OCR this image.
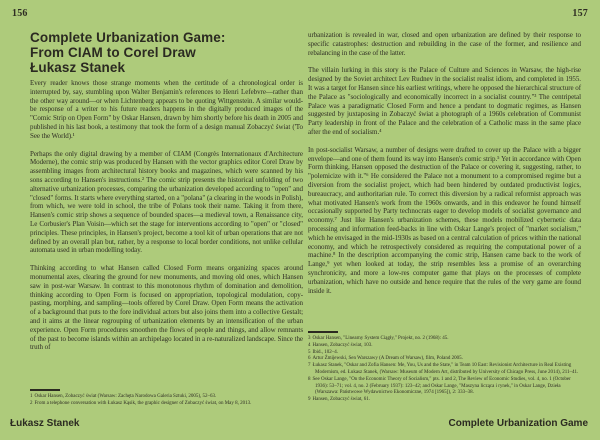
156	157
Complete Urbanization Game:
From CIAM to Corel Draw
Łukasz Stanek

Every reader knows those strange moments when the certitude of a chronological order is interrupted by, say, stumbling upon Walter Benjamin's references to Henri Lefebvre—rather than the other way around—or when Lichtenberg appears to be quoting Wittgenstein. A similar would-be response of a writer to his future readers happens in the digitally produced images of the "Comic Strip on Open Form" by Oskar Hansen, drawn by him shortly before his death in 2005 and published in his last book, a testimony that took the form of a design manual Zobaczyć świat ('To See the World).¹

Perhaps the only digital drawing by a member of CIAM (Congrès Internationaux d'Architecture Moderne), the comic strip was produced by Hansen with the vector graphics editor Corel Draw by assembling images from architectural history books and magazines, which were scanned by his sons according to Hansen's instructions.² The comic strip presents the historical unfolding of two alternative urbanization processes, comparing the urbanization developed according to "open" and "closed" forms. It starts where everything started, on a "polana" (a clearing in the woods in Polish), from which, we were told in school, the tribe of Polans took their name. Taking it from there, Hansen's comic strip shows a sequence of bounded spaces—a medieval town, a Renaissance city, Le Corbusier's Plan Voisin—which set the stage for interventions according to "open" or "closed" principles. These principles, in Hansen's project, become a tool kit of urban operations that are not defined by an overall plan but, rather, by a response to local border conditions, not unlike cellular automata used in urban modelling today.

Thinking according to what Hansen called Closed Form means organizing spaces around monumental axes, clearing the ground for new monuments, and moving old ones, which Hansen saw in post-war Warsaw. In contrast to this monotonous rhythm of domination and demolition, thinking according to Open Form is focused on appropriation, topological modulation, copy-pasting, morphing, and sampling—tools offered by Corel Draw. Open Form means the activation of a background that puts to the fore individual actors but also joins them into a collective Gestalt; and it aims at the linear regrouping of urbanization elements by an intensification of the urban experience. Open Form procedures smoothen the flows of people and things, and allow remnants of the past to become islands within an archipelago located in a re-naturalized landscape. Since the truth of

1 Oskar Hansen, Zobaczyć świat (Warsaw: Zachęta Narodowa Galeria Sztuki, 2005), 52–63.
2 From a telephone conversation with Łukasz Kąsik, the graphic designer of Zobaczyć świat, on May 8, 2013.

urbanization is revealed in war, closed and open urbanization are defined by their response to specific catastrophes: destruction and rebuilding in the case of the former, and resilience and rebalancing in the case of the latter.

The villain lurking in this story is the Palace of Culture and Sciences in Warsaw, the high-rise designed by the Soviet architect Lev Rudnev in the socialist realist idiom, and completed in 1955. It was a target for Hansen since his earliest writings, where he opposed the hierarchical structure of the Palace as "sociologically and economically incorrect in a socialist country."³ The centripetal Palace was a paradigmatic Closed Form and hence a pendant to dogmatic regimes, as Hansen suggested by juxtaposing in Zobaczyć świat a photograph of a 1960s celebration of Communist Party leadership in front of the Palace and the celebration of a Catholic mass in the same place after the end of socialism.⁴

In post-socialist Warsaw, a number of designs were drafted to cover up the Palace with a bigger envelope—and one of them found its way into Hansen's comic strip.⁵ Yet in accordance with Open Form thinking, Hansen opposed the destruction of the Palace or covering it, suggesting, rather, to "polemicize with it."⁶ He considered the Palace not a monument to a compromised regime but a diversion from the socialist project, which had been hindered by outdated productivist logics, bureaucracy, and authoritarian rule. To correct this diversion by a radical reformist approach was what motivated Hansen's work from the 1960s onwards, and in this endeavor he found himself occasionally supported by Party technocrats eager to develop models of socialist governance and economy.⁷ Just like Hansen's urbanization schemes, these models mobilized cybernetic data processing and information feed-backs in line with Oskar Lange's project of "market socialism," which he envisaged in the mid-1930s as based on a central calculation of prices within the national economy, and which he retrospectively considered as requiring the computational power of a machine.⁸ In the description accompanying the comic strip, Hansen came back to the work of Lange,⁹ yet when looked at today, the strip resembles less a promise of an overarching synchronicity, and more a low-res computer game that plays on the processes of complete urbanization, which have no outside and hence require that the rules of the very game are found inside it.

3 Oskar Hansen, "Linearny System Ciągły," Projekt, no. 2 (1968): 45.
4 Hansen, Zobaczyć świat, 103.
5 Ibid., 102–4.
6 Artur Żmijewski, Sen Warszawy (A Dream of Warsaw), film, Poland 2005.
7 Łukasz Stanek, "Oskar and Zofia Hansen: Me, You, Us and the State," in Team 10 East: Revisionist Architecture in Real Existing Modernism, ed. Łukasz Stanek, (Warsaw: Museum of Modern Art, distributed by University of Chicago Press, June 2014), 211–41.
8 See Oskar Lange, "On the Economic Theory of Socialism," pts. 1 and 2, The Review of Economic Studies, vol. 4, no. 1 (October 1936): 53–71; vol. 4, no. 2 (February 1937): 123–42; and Oskar Lange, "Maszyna licząca i rynek," in Oskar Lange, Dzieła (Warszawa: Państwowe Wydawnictwo Ekonomiczne, 1974 [1965]), 2: 333–38.
9 Hansen, Zobaczyć świat, 61.
Łukasz Stanek	Complete Urbanization Game
